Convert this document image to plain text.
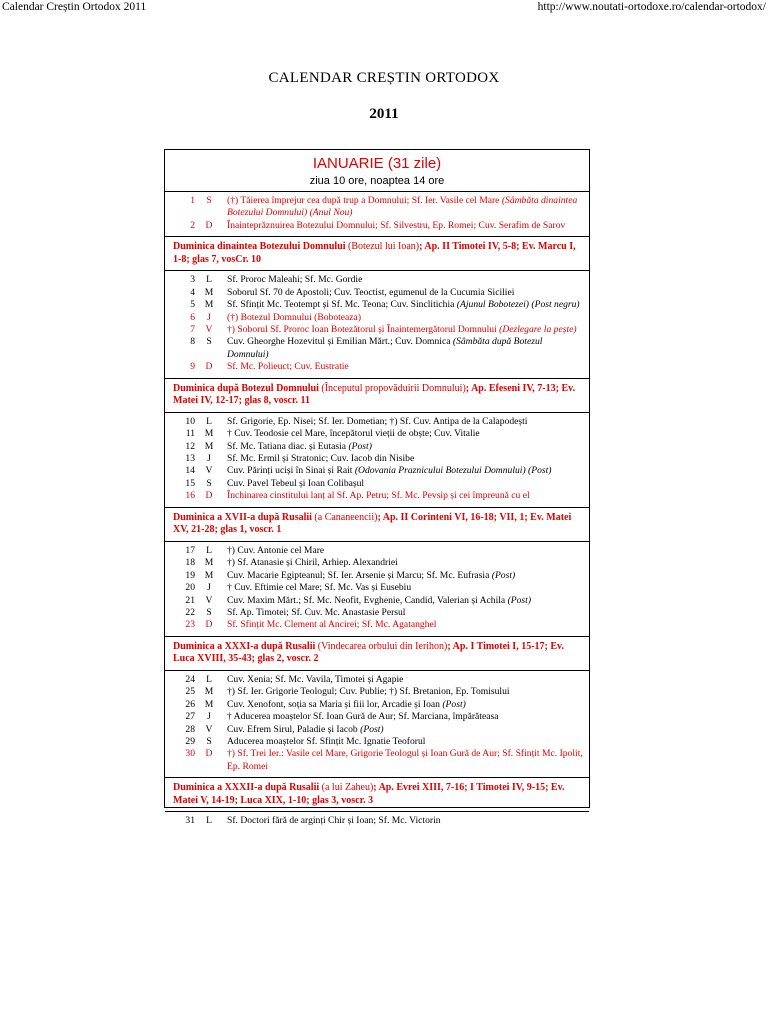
Calendar Creștin Ortodox 2011	http://www.noutati-ortodoxe.ro/calendar-ortodox/
CALENDAR CREȘTIN ORTODOX
2011
IANUARIE (31 zile)
ziua 10 ore, noaptea 14 ore
1	S	(†) Tăierea împrejur cea după trup a Domnului; Sf. Ier. Vasile cel Mare (Sâmbăta dinaintea Botezului Domnului) (Anul Nou)
2	D	Înainteprăznuirea Botezului Domnului; Sf. Silvestru, Ep. Romei; Cuv. Serafim de Sarov
Duminica dinaintea Botezului Domnului (Botezul lui Ioan); Ap. II Timotei IV, 5-8; Ev. Marcu I, 1-8; glas 7, vosCr. 10
3	L	Sf. Proroc Maleahi; Sf. Mc. Gordie
4	M	Soborul Sf. 70 de Apostoli; Cuv. Teoctist, egumenul de la Cucumia Siciliei
5	M	Sf. Sfințit Mc. Teotempt și Sf. Mc. Teona; Cuv. Sinclitichia (Ajunul Bobotezei) (Post negru)
6	J	(†) Botezul Domnului (Boboteaza)
7	V	†) Soborul Sf. Proroc Ioan Botezătorul și Înaintemergătorul Domnului (Dezlegare la pește)
8	S	Cuv. Gheorghe Hozevitul și Emilian Mărt.; Cuv. Domnica (Sâmbăta după Botezul Domnului)
9	D	Sf. Mc. Polieuct; Cuv. Eustratie
Duminica după Botezul Domnului (Începutul propovăduirii Domnului); Ap. Efeseni IV, 7-13; Ev. Matei IV, 12-17; glas 8, voscr. 11
10	L	Sf. Grigorie, Ep. Nisei; Sf. Ier. Dometian; †) Sf. Cuv. Antipa de la Calapodești
11	M	† Cuv. Teodosie cel Mare, începătorul vieții de obște; Cuv. Vitalie
12	M	Sf. Mc. Tatiana diac. și Eutasia (Post)
13	J	Sf. Mc. Ermil și Stratonic; Cuv. Iacob din Nisibe
14	V	Cuv. Părinți uciși în Sinai și Rait (Odovania Praznicului Botezului Domnului) (Post)
15	S	Cuv. Pavel Tebeul și Ioan Colibașul
16	D	Închinarea cinstitului lanț al Sf. Ap. Petru; Sf. Mc. Pevsip și cei împreună cu el
Duminica a XVII-a după Rusalii (a Cananeencii); Ap. II Corinteni VI, 16-18; VII, 1; Ev. Matei XV, 21-28; glas 1, voscr. 1
17	L	†) Cuv. Antonie cel Mare
18	M	†) Sf. Atanasie și Chiril, Arhiep. Alexandriei
19	M	Cuv. Macarie Egipteanul; Sf. Ier. Arsenie și Marcu; Sf. Mc. Eufrasia (Post)
20	J	† Cuv. Eftimie cel Mare; Sf. Mc. Vas și Eusebiu
21	V	Cuv. Maxim Mărt.; Sf. Mc. Neofit, Evghenie, Candid, Valerian și Achila (Post)
22	S	Sf. Ap. Timotei; Sf. Cuv. Mc. Anastasie Persul
23	D	Sf. Sfințit Mc. Clement al Ancirei; Sf. Mc. Agatanghel
Duminica a XXXI-a după Rusalii (Vindecarea orbului din Ierihon); Ap. I Timotei I, 15-17; Ev. Luca XVIII, 35-43; glas 2, voscr. 2
24	L	Cuv. Xenia; Sf. Mc. Vavila, Timotei și Agapie
25	M	†) Sf. Ier. Grigorie Teologul; Cuv. Publie; †) Sf. Bretanion, Ep. Tomisului
26	M	Cuv. Xenofont, soția sa Maria și fiii lor, Arcadie și Ioan (Post)
27	J	† Aducerea moaștelor Sf. Ioan Gură de Aur; Sf. Marciana, împărăteasa
28	V	Cuv. Efrem Sirul, Paladie și Iacob (Post)
29	S	Aducerea moaștelor Sf. Sfințit Mc. Ignatie Teoforul
30	D	†) Sf. Trei Ier.: Vasile cel Mare, Grigorie Teologul și Ioan Gură de Aur; Sf. Sfințit Mc. Ipolit, Ep. Romei
Duminica a XXXII-a după Rusalii (a lui Zaheu); Ap. Evrei XIII, 7-16; I Timotei IV, 9-15; Ev. Matei V, 14-19; Luca XIX, 1-10; glas 3, voscr. 3
31	L	Sf. Doctori fără de arginți Chir și Ioan; Sf. Mc. Victorin
